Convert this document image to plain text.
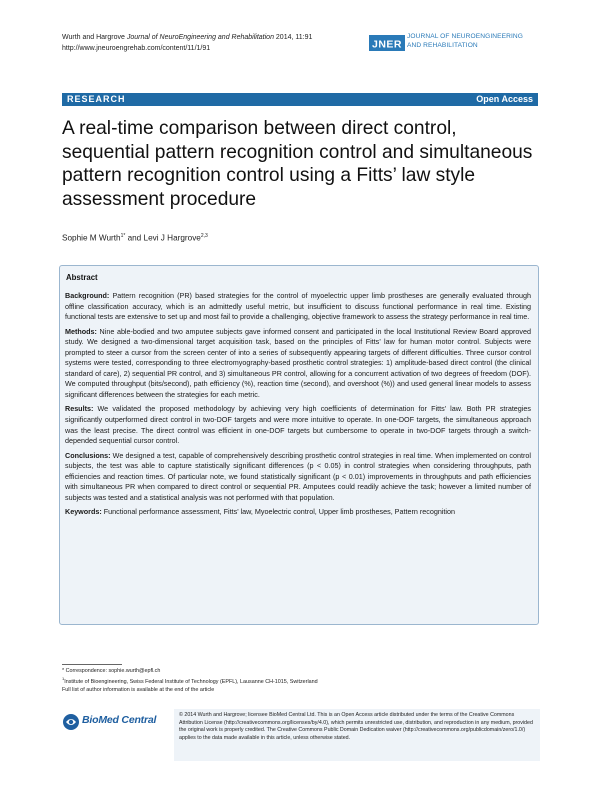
Wurth and Hargrove Journal of NeuroEngineering and Rehabilitation 2014, 11:91
http://www.jneuroengrehab.com/content/11/1/91	JNER
JOURNAL OF NEUROENGINEERING
AND REHABILITATION
RESEARCH	Open Access
A real-time comparison between direct control, sequential pattern recognition control and simultaneous pattern recognition control using a Fitts’ law style assessment procedure
Sophie M Wurth$^{1*}$ and Levi J Hargrove$^{2,3}$
Abstract

Background: Pattern recognition (PR) based strategies for the control of myoelectric upper limb prostheses are generally evaluated through offline classification accuracy, which is an admittedly useful metric, but insufficient to discuss functional performance in real time. Existing functional tests are extensive to set up and most fail to provide a challenging, objective framework to assess the strategy performance in real time.

Methods: Nine able-bodied and two amputee subjects gave informed consent and participated in the local Institutional Review Board approved study. We designed a two-dimensional target acquisition task, based on the principles of Fitts’ law for human motor control. Subjects were prompted to steer a cursor from the screen center of into a series of subsequently appearing targets of different difficulties. Three cursor control systems were tested, corresponding to three electromyography-based prosthetic control strategies: 1) amplitude-based direct control (the clinical standard of care), 2) sequential PR control, and 3) simultaneous PR control, allowing for a concurrent activation of two degrees of freedom (DOF). We computed throughput (bits/second), path efficiency (%), reaction time (second), and overshoot (%)) and used general linear models to assess significant differences between the strategies for each metric.

Results: We validated the proposed methodology by achieving very high coefficients of determination for Fitts’ law. Both PR strategies significantly outperformed direct control in two-DOF targets and were more intuitive to operate. In one-DOF targets, the simultaneous approach was the least precise. The direct control was efficient in one-DOF targets but cumbersome to operate in two-DOF targets through a switch-depended sequential cursor control.

Conclusions: We designed a test, capable of comprehensively describing prosthetic control strategies in real time. When implemented on control subjects, the test was able to capture statistically significant differences (p < 0.05) in control strategies when considering throughputs, path efficiencies and reaction times. Of particular note, we found statistically significant (p < 0.01) improvements in throughputs and path efficiencies with simultaneous PR when compared to direct control or sequential PR. Amputees could readily achieve the task; however a limited number of subjects was tested and a statistical analysis was not performed with that population.

Keywords: Functional performance assessment, Fitts’ law, Myoelectric control, Upper limb prostheses, Pattern recognition

* Correspondence: sophie.wurth@epfl.ch
$^1$Institute of Bioengineering, Swiss Federal Institute of Technology (EPFL), Lausanne CH-1015, Switzerland
Full list of author information is available at the end of the article
BioMed Central	© 2014 Wurth and Hargrove; licensee BioMed Central Ltd. This is an Open Access article distributed under the terms of the Creative Commons Attribution License (http://creativecommons.org/licenses/by/4.0), which permits unrestricted use, distribution, and reproduction in any medium, provided the original work is properly credited. The Creative Commons Public Domain Dedication waiver (http://creativecommons.org/publicdomain/zero/1.0/) applies to the data made available in this article, unless otherwise stated.
